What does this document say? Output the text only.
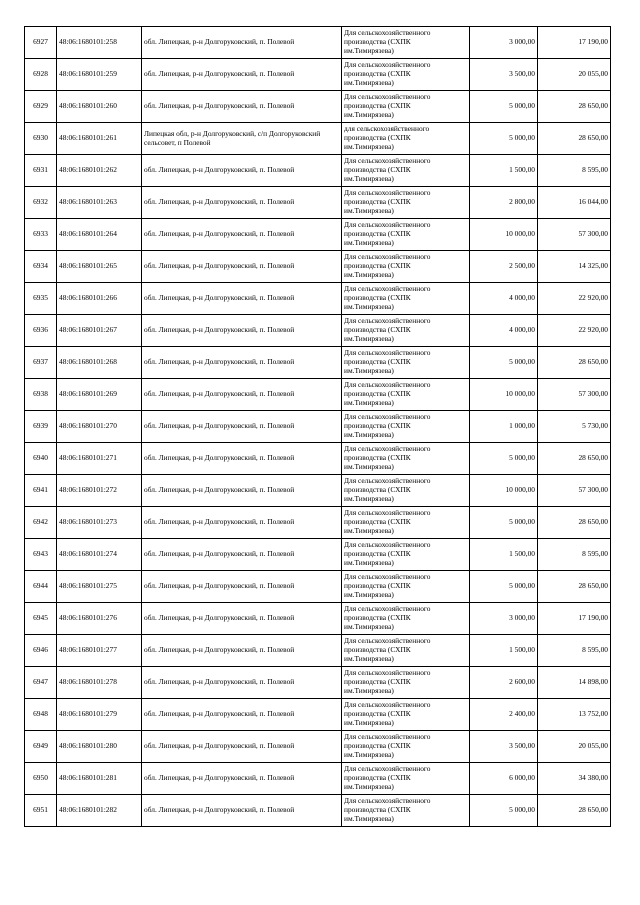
6927	48:06:1680101:258	обл. Липецкая, р-н Долгоруковский, п. Полевой	Для сельскохозяйственного
производства (СХПК
им.Тимирязева)	3 000,00	17 190,00
6928	48:06:1680101:259	обл. Липецкая, р-н Долгоруковский, п. Полевой	Для сельскохозяйственного
производства (СХПК
им.Тимирязева)	3 500,00	20 055,00
6929	48:06:1680101:260	обл. Липецкая, р-н Долгоруковский, п. Полевой	Для сельскохозяйственного
производства (СХПК
им.Тимирязева)	5 000,00	28 650,00
6930	48:06:1680101:261	Липецкая обл, р-н Долгоруковский, с/п Долгоруковский сельсовет, п Полевой	для сельскохозяйственного
производства (СХПК
им.Тимирязева)	5 000,00	28 650,00
6931	48:06:1680101:262	обл. Липецкая, р-н Долгоруковский, п. Полевой	Для сельскохозяйственного
производства (СХПК
им.Тимирязева)	1 500,00	8 595,00
6932	48:06:1680101:263	обл. Липецкая, р-н Долгоруковский, п. Полевой	Для сельскохозяйственного
производства (СХПК
им.Тимирязева)	2 800,00	16 044,00
6933	48:06:1680101:264	обл. Липецкая, р-н Долгоруковский, п. Полевой	Для сельскохозяйственного
производства (СХПК
им.Тимирязева)	10 000,00	57 300,00
6934	48:06:1680101:265	обл. Липецкая, р-н Долгоруковский, п. Полевой	Для сельскохозяйственного
производства (СХПК
им.Тимирязева)	2 500,00	14 325,00
6935	48:06:1680101:266	обл. Липецкая, р-н Долгоруковский, п. Полевой	Для сельскохозяйственного
производства (СХПК
им.Тимирязева)	4 000,00	22 920,00
6936	48:06:1680101:267	обл. Липецкая, р-н Долгоруковский, п. Полевой	Для сельскохозяйственного
производства (СХПК
им.Тимирязева)	4 000,00	22 920,00
6937	48:06:1680101:268	обл. Липецкая, р-н Долгоруковский, п. Полевой	Для сельскохозяйственного
производства (СХПК
им.Тимирязева)	5 000,00	28 650,00
6938	48:06:1680101:269	обл. Липецкая, р-н Долгоруковский, п. Полевой	Для сельскохозяйственного
производства (СХПК
им.Тимирязева)	10 000,00	57 300,00
6939	48:06:1680101:270	обл. Липецкая, р-н Долгоруковский, п. Полевой	Для сельскохозяйственного
производства (СХПК
им.Тимирязева)	1 000,00	5 730,00
6940	48:06:1680101:271	обл. Липецкая, р-н Долгоруковский, п. Полевой	Для сельскохозяйственного
производства (СХПК
им.Тимирязева)	5 000,00	28 650,00
6941	48:06:1680101:272	обл. Липецкая, р-н Долгоруковский, п. Полевой	Для сельскохозяйственного
производства (СХПК
им.Тимирязева)	10 000,00	57 300,00
6942	48:06:1680101:273	обл. Липецкая, р-н Долгоруковский, п. Полевой	Для сельскохозяйственного
производства (СХПК
им.Тимирязева)	5 000,00	28 650,00
6943	48:06:1680101:274	обл. Липецкая, р-н Долгоруковский, п. Полевой	Для сельскохозяйственного
производства (СХПК
им.Тимирязева)	1 500,00	8 595,00
6944	48:06:1680101:275	обл. Липецкая, р-н Долгоруковский, п. Полевой	Для сельскохозяйственного
производства (СХПК
им.Тимирязева)	5 000,00	28 650,00
6945	48:06:1680101:276	обл. Липецкая, р-н Долгоруковский, п. Полевой	Для сельскохозяйственного
производства (СХПК
им.Тимирязева)	3 000,00	17 190,00
6946	48:06:1680101:277	обл. Липецкая, р-н Долгоруковский, п. Полевой	Для сельскохозяйственного
производства (СХПК
им.Тимирязева)	1 500,00	8 595,00
6947	48:06:1680101:278	обл. Липецкая, р-н Долгоруковский, п. Полевой	Для сельскохозяйственного
производства (СХПК
им.Тимирязева)	2 600,00	14 898,00
6948	48:06:1680101:279	обл. Липецкая, р-н Долгоруковский, п. Полевой	Для сельскохозяйственного
производства (СХПК
им.Тимирязева)	2 400,00	13 752,00
6949	48:06:1680101:280	обл. Липецкая, р-н Долгоруковский, п. Полевой	Для сельскохозяйственного
производства (СХПК
им.Тимирязева)	3 500,00	20 055,00
6950	48:06:1680101:281	обл. Липецкая, р-н Долгоруковский, п. Полевой	Для сельскохозяйственного
производства (СХПК
им.Тимирязева)	6 000,00	34 380,00
6951	48:06:1680101:282	обл. Липецкая, р-н Долгоруковский, п. Полевой	Для сельскохозяйственного
производства (СХПК
им.Тимирязева)	5 000,00	28 650,00
